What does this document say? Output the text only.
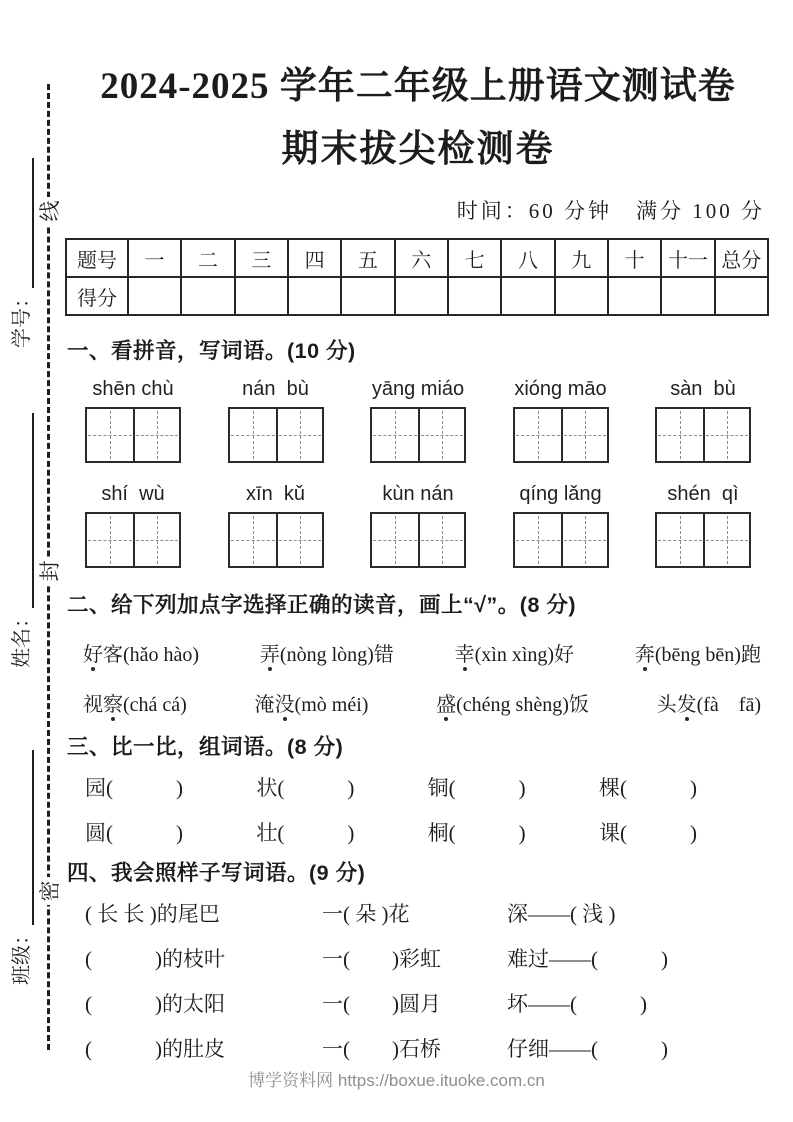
线
封
密
学号：
姓名：
班级：
2024-2025 学年二年级上册语文测试卷
期末拔尖检测卷
时间：60 分钟　满分 100 分
题号	一	二	三	四	五	六	七	八	九	十	十一	总分
得分												
一、看拼音，写词语。(10 分)
shēn chù	nán  bù	yāng miáo	xióng māo	sàn  bù
shí  wù	xīn  kǔ	kùn nán	qíng lǎng	shén  qì
二、给下列加点字选择正确的读音，画上“√”。(8 分)
好客(hǎo hào)	弄(nòng lòng)错	幸(xìn xìng)好	奔(bēng bēn)跑
视察(chá cá)	淹没(mò méi)	盛(chéng shèng)饭	头发(fà　fā)
三、比一比，组词语。(8 分)
园(　　　)	状(　　　)	铜(　　　)	棵(　　　)
圆(　　　)	壮(　　　)	桐(　　　)	课(　　　)
四、我会照样子写词语。(9 分)
( 长 长 )的尾巴	一( 朵 )花	深——( 浅 )
(　　　)的枝叶	一(　　)彩虹	难过——(　　　)
(　　　)的太阳	一(　　)圆月	坏——(　　　)
(　　　)的肚皮	一(　　)石桥	仔细——(　　　)
博学资料网 https://boxue.ituoke.com.cn
